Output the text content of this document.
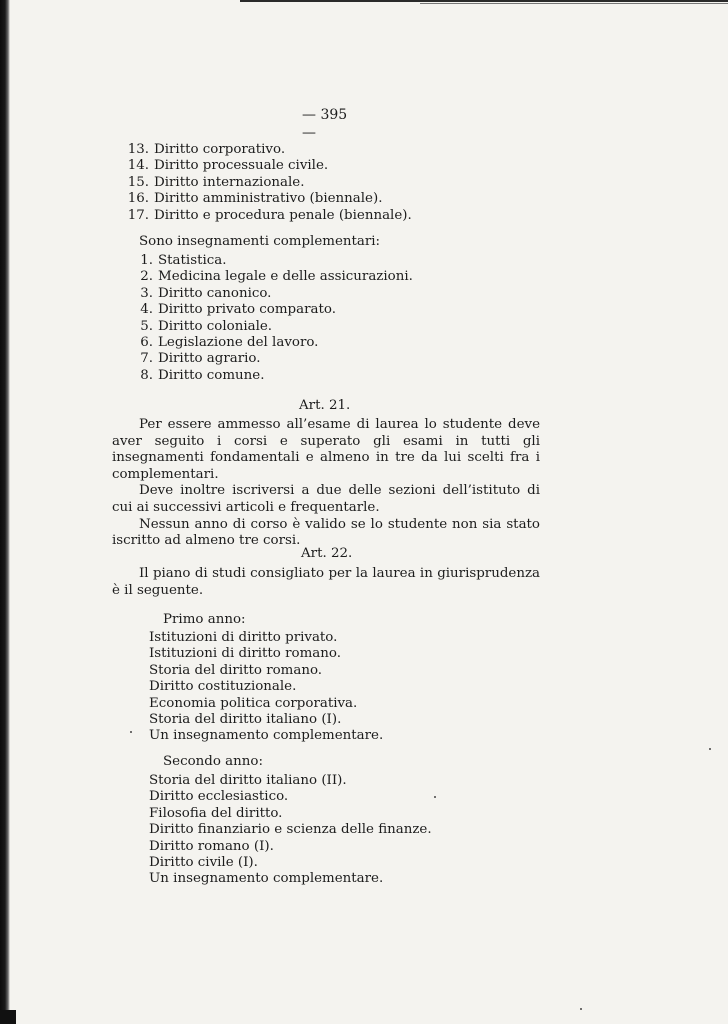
— 395 —
13. Diritto corporativo.
14. Diritto processuale civile.
15. Diritto internazionale.
16. Diritto amministrativo (biennale).
17. Diritto e procedura penale (biennale).
Sono insegnamenti complementari:
1. Statistica.
2. Medicina legale e delle assicurazioni.
3. Diritto canonico.
4. Diritto privato comparato.
5. Diritto coloniale.
6. Legislazione del lavoro.
7. Diritto agrario.
8. Diritto comune.
Art. 21.

Per essere ammesso all’esame di laurea lo studente deve aver seguito i corsi e superato gli esami in tutti gli insegnamenti fondamentali e almeno in tre da lui scelti fra i complementari.

Deve inoltre iscriversi a due delle sezioni dell’istituto di cui ai successivi articoli e frequentarle.

Nessun anno di corso è valido se lo studente non sia stato iscritto ad almeno tre corsi.

Art. 22.

Il piano di studi consigliato per la laurea in giurisprudenza è il seguente.

Primo anno:
Istituzioni di diritto privato.
Istituzioni di diritto romano.
Storia del diritto romano.
Diritto costituzionale.
Economia politica corporativa.
Storia del diritto italiano (I).
Un insegnamento complementare.
Secondo anno:
Storia del diritto italiano (II).
Diritto ecclesiastico.
Filosofia del diritto.
Diritto finanziario e scienza delle finanze.
Diritto romano (I).
Diritto civile (I).
Un insegnamento complementare.
